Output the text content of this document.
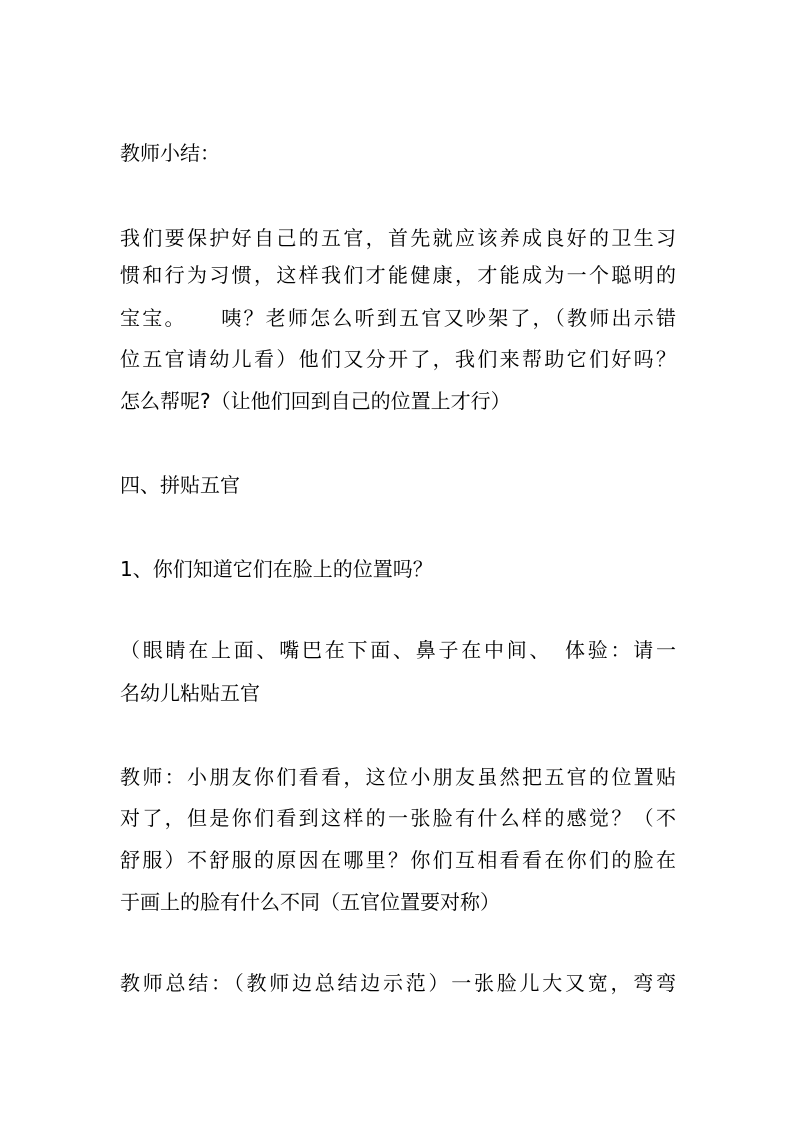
教师小结：
我们要保护好自己的五官，首先就应该养成良好的卫生习
惯和行为习惯，这样我们才能健康，才能成为一个聪明的
宝宝。　　咦？老师怎么听到五官又吵架了，（教师出示错
位五官请幼儿看）他们又分开了，我们来帮助它们好吗？
怎么帮呢?（让他们回到自己的位置上才行）
四、拼贴五官
1、你们知道它们在脸上的位置吗？
（眼睛在上面、嘴巴在下面、鼻子在中间、　体验：请一
名幼儿粘贴五官
教师：小朋友你们看看，这位小朋友虽然把五官的位置贴
对了，但是你们看到这样的一张脸有什么样的感觉？（不
舒服）不舒服的原因在哪里？你们互相看看在你们的脸在
于画上的脸有什么不同（五官位置要对称）
教师总结：（教师边总结边示范）一张脸儿大又宽，弯弯
